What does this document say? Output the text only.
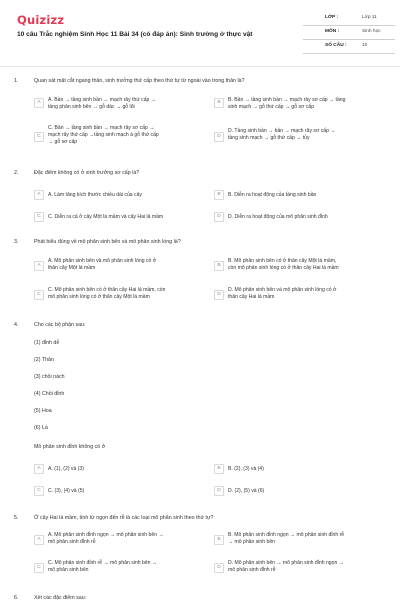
Quizizz
10 câu Trắc nghiệm Sinh Học 11 Bài 34 (có đáp án): Sinh trưởng ở thực vật
LỚP :	Lớp 11
MÔN :	Sinh học
SỐ CÂU :	10
1.	Quan sát mặt cắt ngang thân, sinh trưởng thứ cấp theo thứ tự từ ngoài vào trong thân là?
A	A. Bần → tầng sinh bần → mạch rây thứ cấp →
tầng phân sinh bên → gỗ dác → gỗ lõi
B	B. Bần → tầng sinh bần → mạch rây sơ cấp → tầng
sinh mạch → gỗ thứ cấp → gỗ sơ cấp
C
C. Bần → tầng sinh bần → mạch rây sơ cấp →
mạch rây thứ cấp →tầng sinh mạch à gỗ thứ cấp
→ gỗ sơ cấp
D
D. Tầng sinh bần → bần → mạch rây sơ cấp →
tầng sinh mạch → gỗ thứ cấp → tủy
2.	Đặc điểm không có ở sinh trưởng sơ cấp là?
A	A. Làm tăng kích thước chiều dài của cây	B	B. Diễn ra hoạt động của tầng sinh bần
C	C. Diễn ra cả ở cây Một lá mầm và cây Hai lá mầm	D	D. Diễn ra hoạt động của mô phân sinh đỉnh
3.	Phát biểu đúng về mô phân sinh bên và mô phân sinh lóng là?
A
A. Mô phân sinh bên và mô phân sinh lóng có ở
thân cây Một lá mầm	B
B. Mô phân sinh bên có ở thân cây Một lá mầm,
còn mô phân sinh lóng có ở thân cây Hai lá mầm
C
C. Mô phân sinh bên có ở thân cây Hai lá mầm, còn
mô phân sinh lóng có ở thân cây Một lá mầm	D
D. Mô phân sinh bên và mô phân sinh lóng có ở
thân cây Hai lá mầm
4.	Cho các bộ phận sau:
(1) đỉnh dễ
(2) Thân
(3) chồi nách
(4) Chồi đỉnh
(5) Hoa
(6) Lá
Mô phân sinh đỉnh không có ở
A	A. (1), (2) và (3)	B	B. (2), (3) và (4)
C	C. (3), (4) và (5)	D	D. (2), (5) và (6)
5.	Ở cây Hai lá mầm, tính từ ngọn đến rễ là các loại mô phân sinh theo thứ tự?
A
A. Mô phân sinh đỉnh ngọn → mô phân sinh bên →
mô phân sinh đỉnh rễ	B
B. Mô phân sinh đỉnh ngọn → mô phân sinh đỉnh rễ
→ mô phân sinh bên
C
C. Mô phân sinh đỉnh rễ → mô phân sinh bên →
mô phân sinh bên	D
D. Mô phân sinh bên → mô phân sinh đỉnh ngọn →
mô phân sinh đỉnh rễ
6.	Xét các đặc điểm sau:
